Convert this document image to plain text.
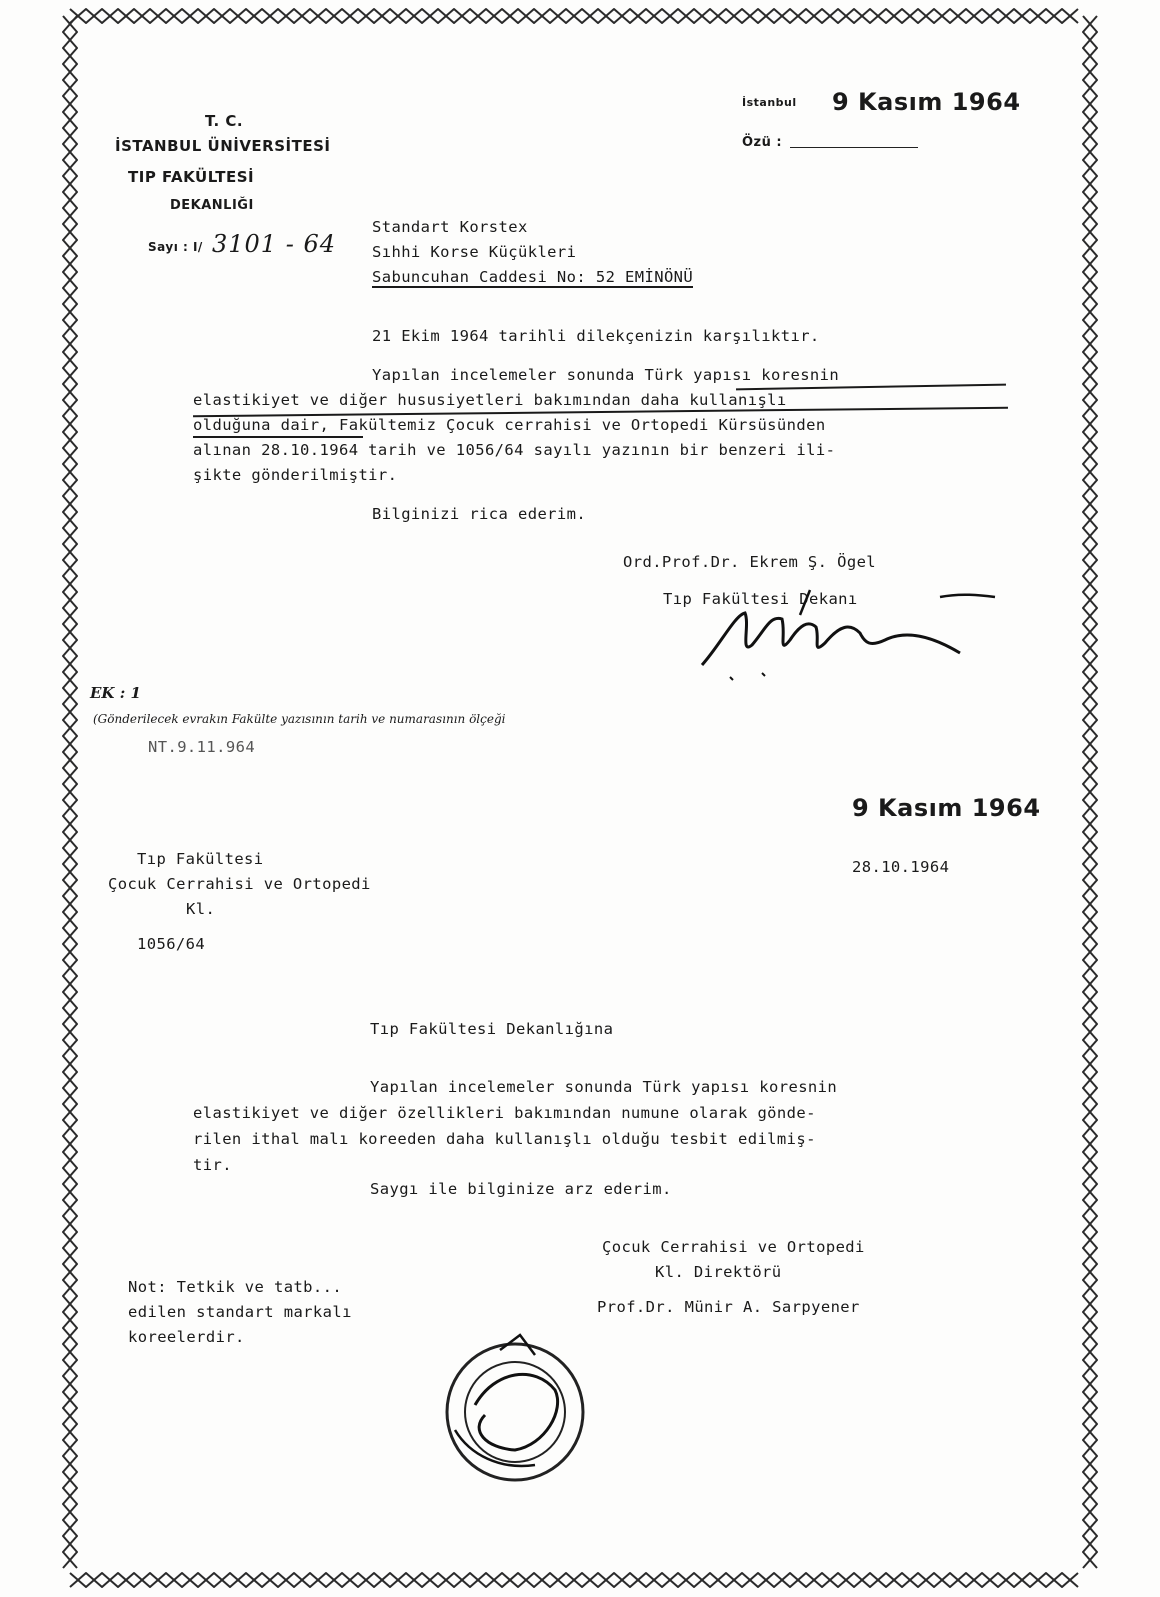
T. C.
İSTANBUL ÜNİVERSİTESİ
TIP FAKÜLTESİ
DEKANLIĞI
Sayı : I/ 3101 - 64
İstanbul 9 Kasım 1964
Özü :
Standart Korstex
Sıhhi Korse Küçükleri
Sabuncuhan Caddesi No: 52 EMİNÖNÜ
21 Ekim 1964 tarihli dilekçenizin karşılıktır.
Yapılan incelemeler sonunda Türk yapısı koresnin
elastikiyet ve diğer hususiyetleri bakımından daha kullanışlı
olduğuna dair, Fakültemiz Çocuk cerrahisi ve Ortopedi Kürsüsünden
alınan 28.10.1964 tarih ve 1056/64 sayılı yazının bir benzeri ili-
şikte gönderilmiştir.
Bilginizi rica ederim.
Ord.Prof.Dr. Ekrem Ş. Ögel
Tıp Fakültesi Dekanı
EK : 1
(Gönderilecek evrakın Fakülte yazısının tarih ve numarasının ölçeği
NT.9.11.964
9 Kasım 1964
28.10.1964
Tıp Fakültesi
Çocuk Cerrahisi ve Ortopedi
Kl.
1056/64
Tıp Fakültesi Dekanlığına
Yapılan incelemeler sonunda Türk yapısı koresnin
elastikiyet ve diğer özellikleri bakımından numune olarak gönde-
rilen ithal malı koreeden daha kullanışlı olduğu tesbit edilmiş-
tir.
Saygı ile bilginize arz ederim.
Çocuk Cerrahisi ve Ortopedi
Kl. Direktörü
Prof.Dr. Münir A. Sarpyener
Not: Tetkik ve tatb...
edilen standart markalı
koreelerdir.
